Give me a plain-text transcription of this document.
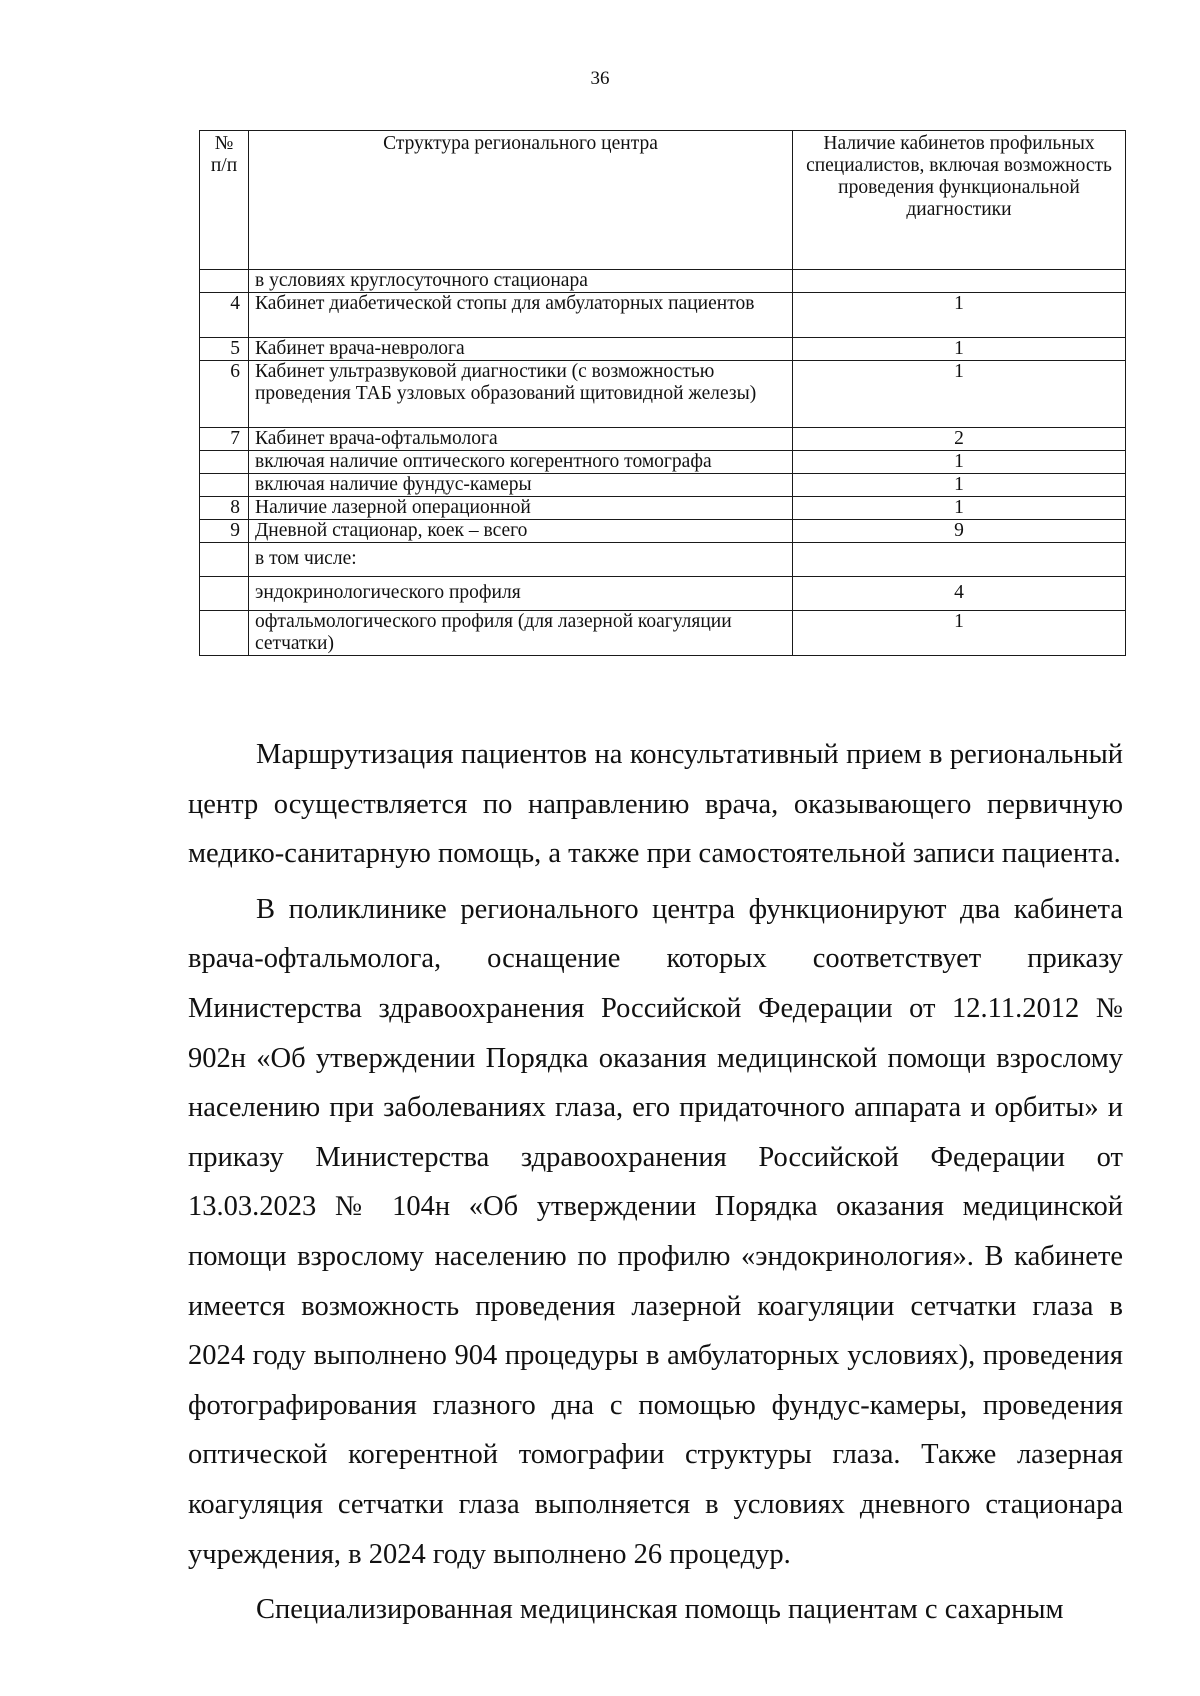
36
№ п/п	Структура регионального центра	Наличие кабинетов профильных специалистов, включая возможность проведения функциональной диагностики
	в условиях круглосуточного стационара	
4	Кабинет диабетической стопы для амбулаторных пациентов	1
5	Кабинет врача-невролога	1
6	Кабинет ультразвуковой диагностики (с возможностью проведения ТАБ узловых образований щитовидной железы)	1
7	Кабинет врача-офтальмолога	2
	включая наличие оптического когерентного томографа	1
	включая наличие фундус-камеры	1
8	Наличие лазерной операционной	1
9	Дневной стационар, коек – всего	9
	в том числе:	
	эндокринологического профиля	4
	офтальмологического профиля (для лазерной коагуляции сетчатки)	1

Маршрутизация пациентов на консультативный прием в региональный центр осуществляется по направлению врача, оказывающего первичную медико-санитарную помощь, а также при самостоятельной записи пациента.

В поликлинике регионального центра функционируют два кабинета врача-офтальмолога, оснащение которых соответствует приказу Министерства здравоохранения Российской Федерации от 12.11.2012 № 902н «Об утверждении Порядка оказания медицинской помощи взрослому населению при заболеваниях глаза, его придаточного аппарата и орбиты» и приказу Министерства здравоохранения Российской Федерации от 13.03.2023 № 104н «Об утверждении Порядка оказания медицинской помощи взрослому населению по профилю «эндокринология». В кабинете имеется возможность проведения лазерной коагуляции сетчатки глаза в 2024 году выполнено 904 процедуры в амбулаторных условиях), проведения фотографирования глазного дна с помощью фундус-камеры, проведения оптической когерентной томографии структуры глаза. Также лазерная коагуляция сетчатки глаза выполняется в условиях дневного стационара учреждения, в 2024 году выполнено 26 процедур.

Специализированная медицинская помощь пациентам с сахарным
